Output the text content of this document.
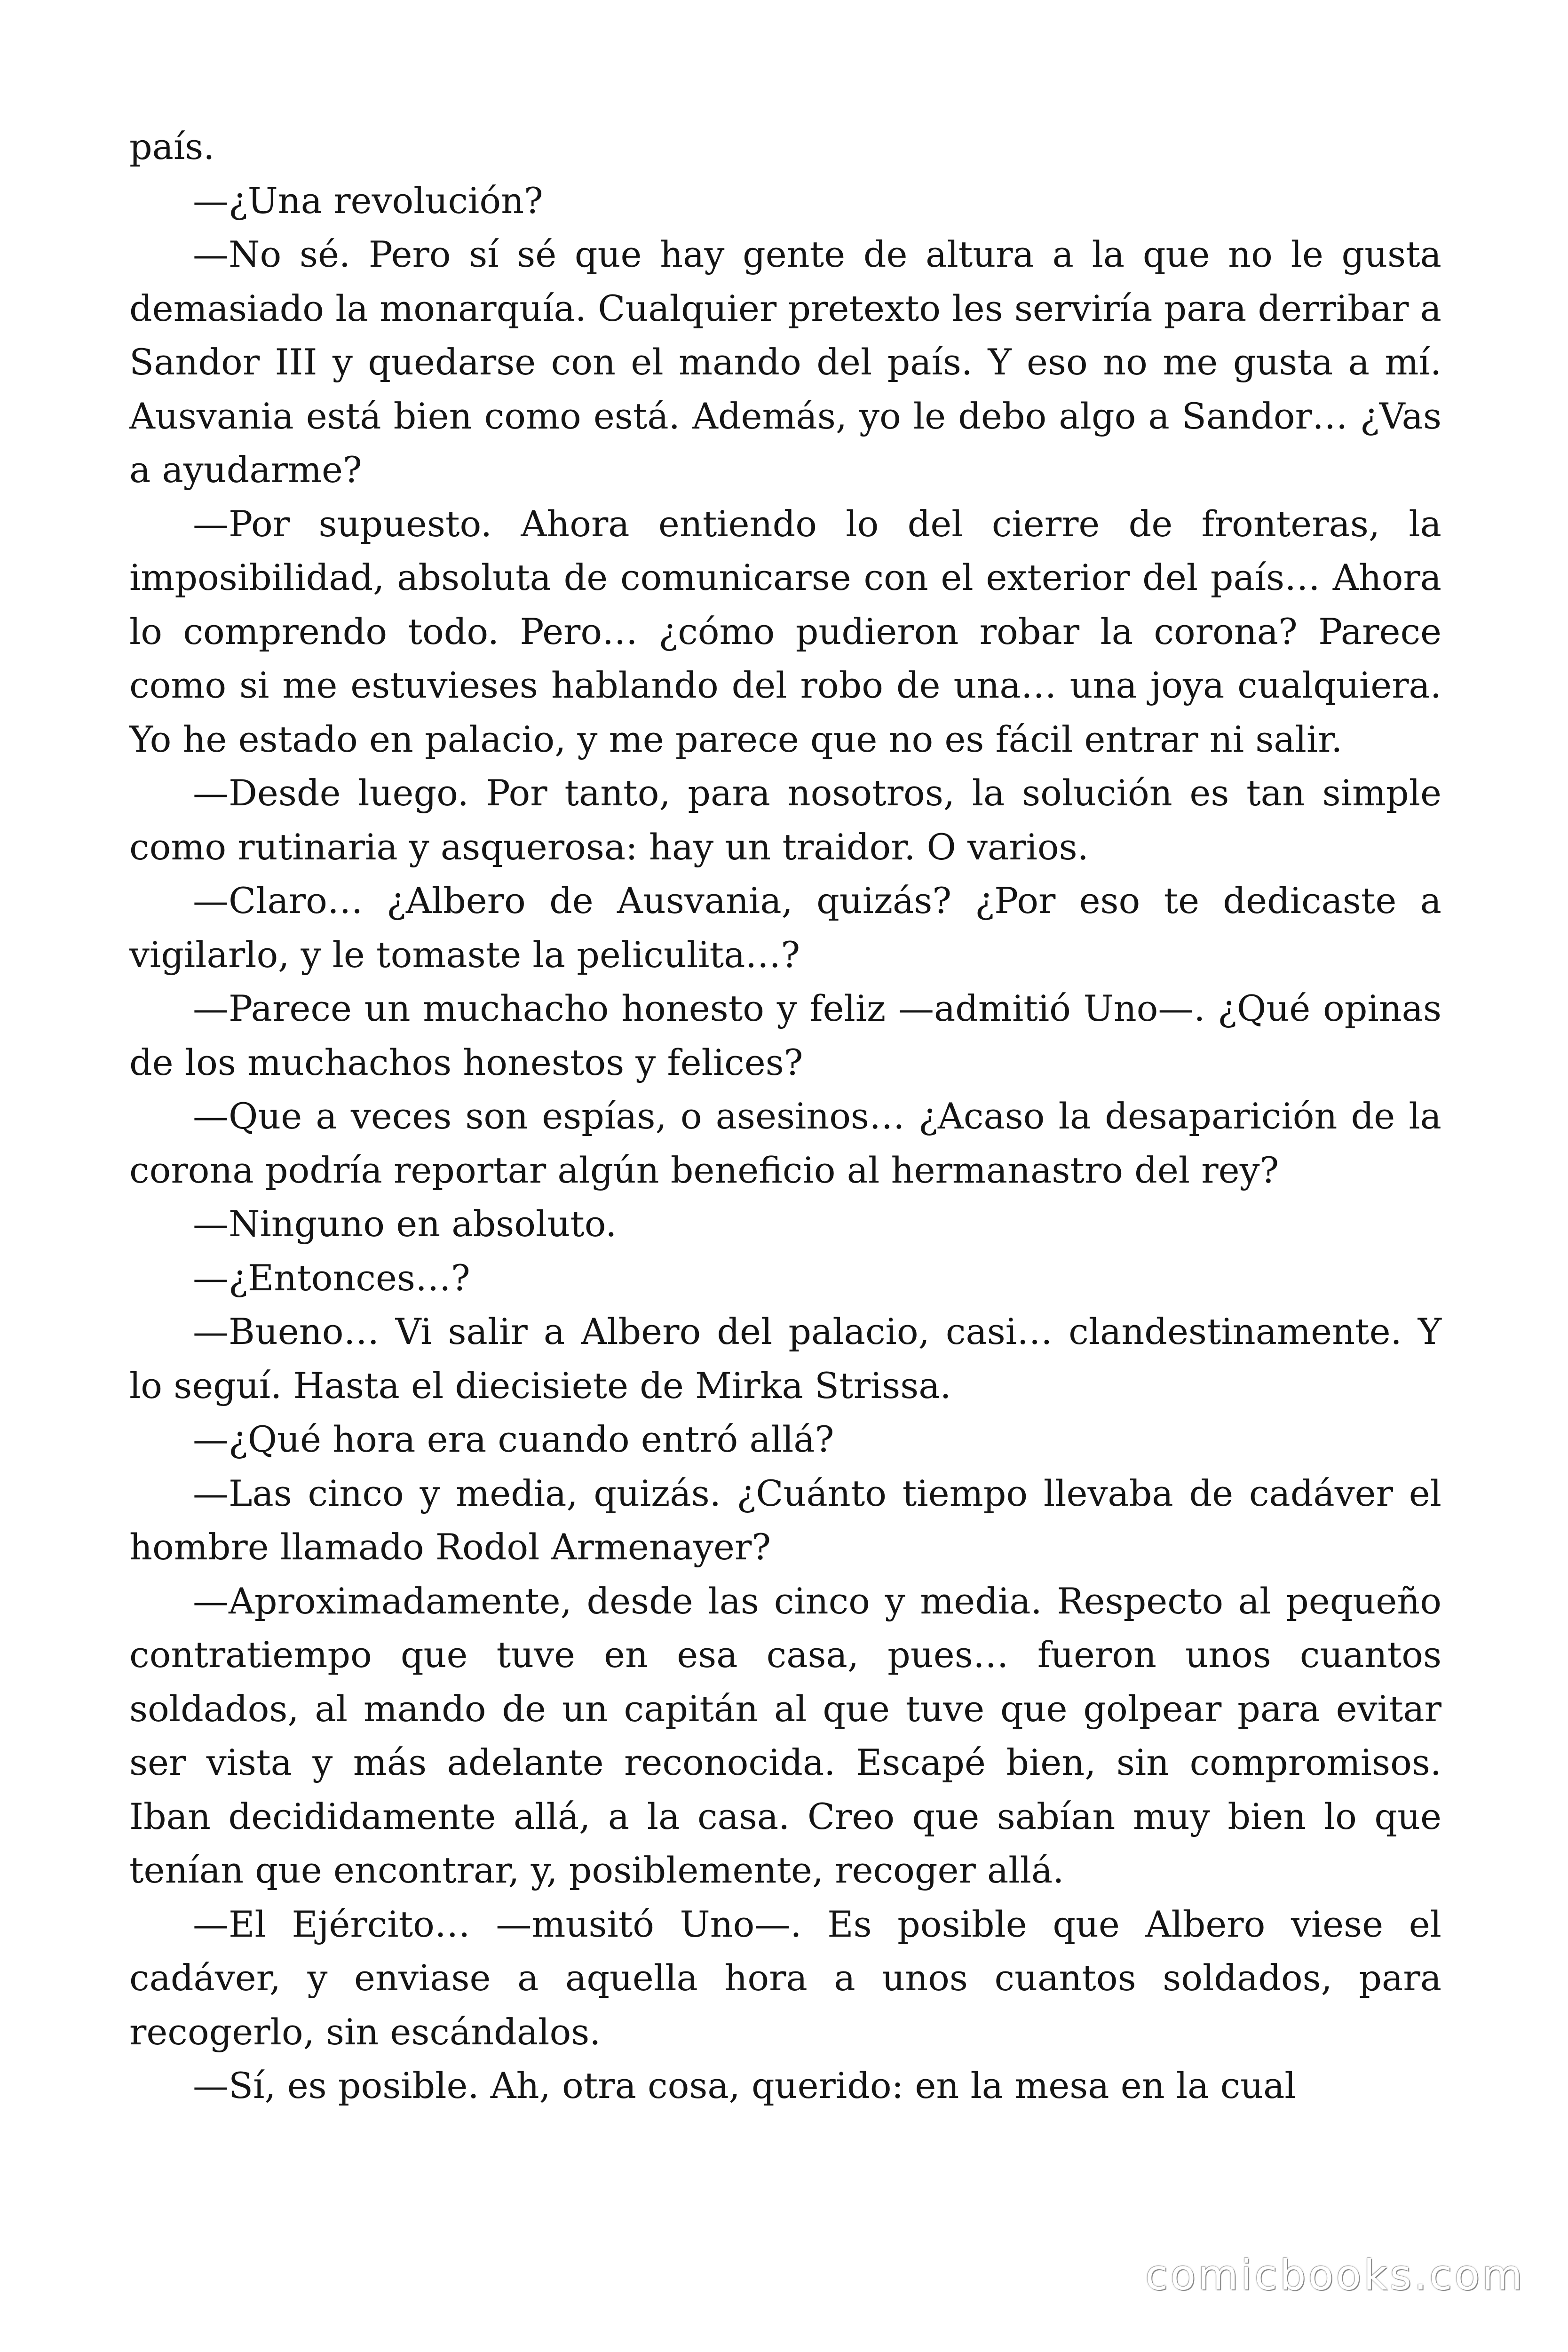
país.

—¿Una revolución?

—No sé. Pero sí sé que hay gente de altura a la que no le gusta demasiado la monarquía. Cualquier pretexto les serviría para derribar a Sandor III y quedarse con el mando del país. Y eso no me gusta a mí. Ausvania está bien como está. Además, yo le debo algo a Sandor… ¿Vas a ayudarme?

—Por supuesto. Ahora entiendo lo del cierre de fronteras, la imposibilidad, absoluta de comunicarse con el exterior del país… Ahora lo comprendo todo. Pero… ¿cómo pudieron robar la corona? Parece como si me estuvieses hablando del robo de una… una joya cualquiera. Yo he estado en palacio, y me parece que no es fácil entrar ni salir.

—Desde luego. Por tanto, para nosotros, la solución es tan simple como rutinaria y asquerosa: hay un traidor. O varios.

—Claro… ¿Albero de Ausvania, quizás? ¿Por eso te dedicaste a vigilarlo, y le tomaste la peliculita…?

—Parece un muchacho honesto y feliz —admitió Uno—. ¿Qué opinas de los muchachos honestos y felices?

—Que a veces son espías, o asesinos… ¿Acaso la desaparición de la corona podría reportar algún beneficio al hermanastro del rey?

—Ninguno en absoluto.

—¿Entonces…?

—Bueno… Vi salir a Albero del palacio, casi… clandestinamente. Y lo seguí. Hasta el diecisiete de Mirka Strissa.

—¿Qué hora era cuando entró allá?

—Las cinco y media, quizás. ¿Cuánto tiempo llevaba de cadáver el hombre llamado Rodol Armenayer?

—Aproximadamente, desde las cinco y media. Respecto al pequeño contratiempo que tuve en esa casa, pues… fueron unos cuantos soldados, al mando de un capitán al que tuve que golpear para evitar ser vista y más adelante reconocida. Escapé bien, sin compromisos. Iban decididamente allá, a la casa. Creo que sabían muy bien lo que tenían que encontrar, y, posiblemente, recoger allá.

—El Ejército… —musitó Uno—. Es posible que Albero viese el cadáver, y enviase a aquella hora a unos cuantos soldados, para recogerlo, sin escándalos.

—Sí, es posible. Ah, otra cosa, querido: en la mesa en la cual

comicbooks.com
